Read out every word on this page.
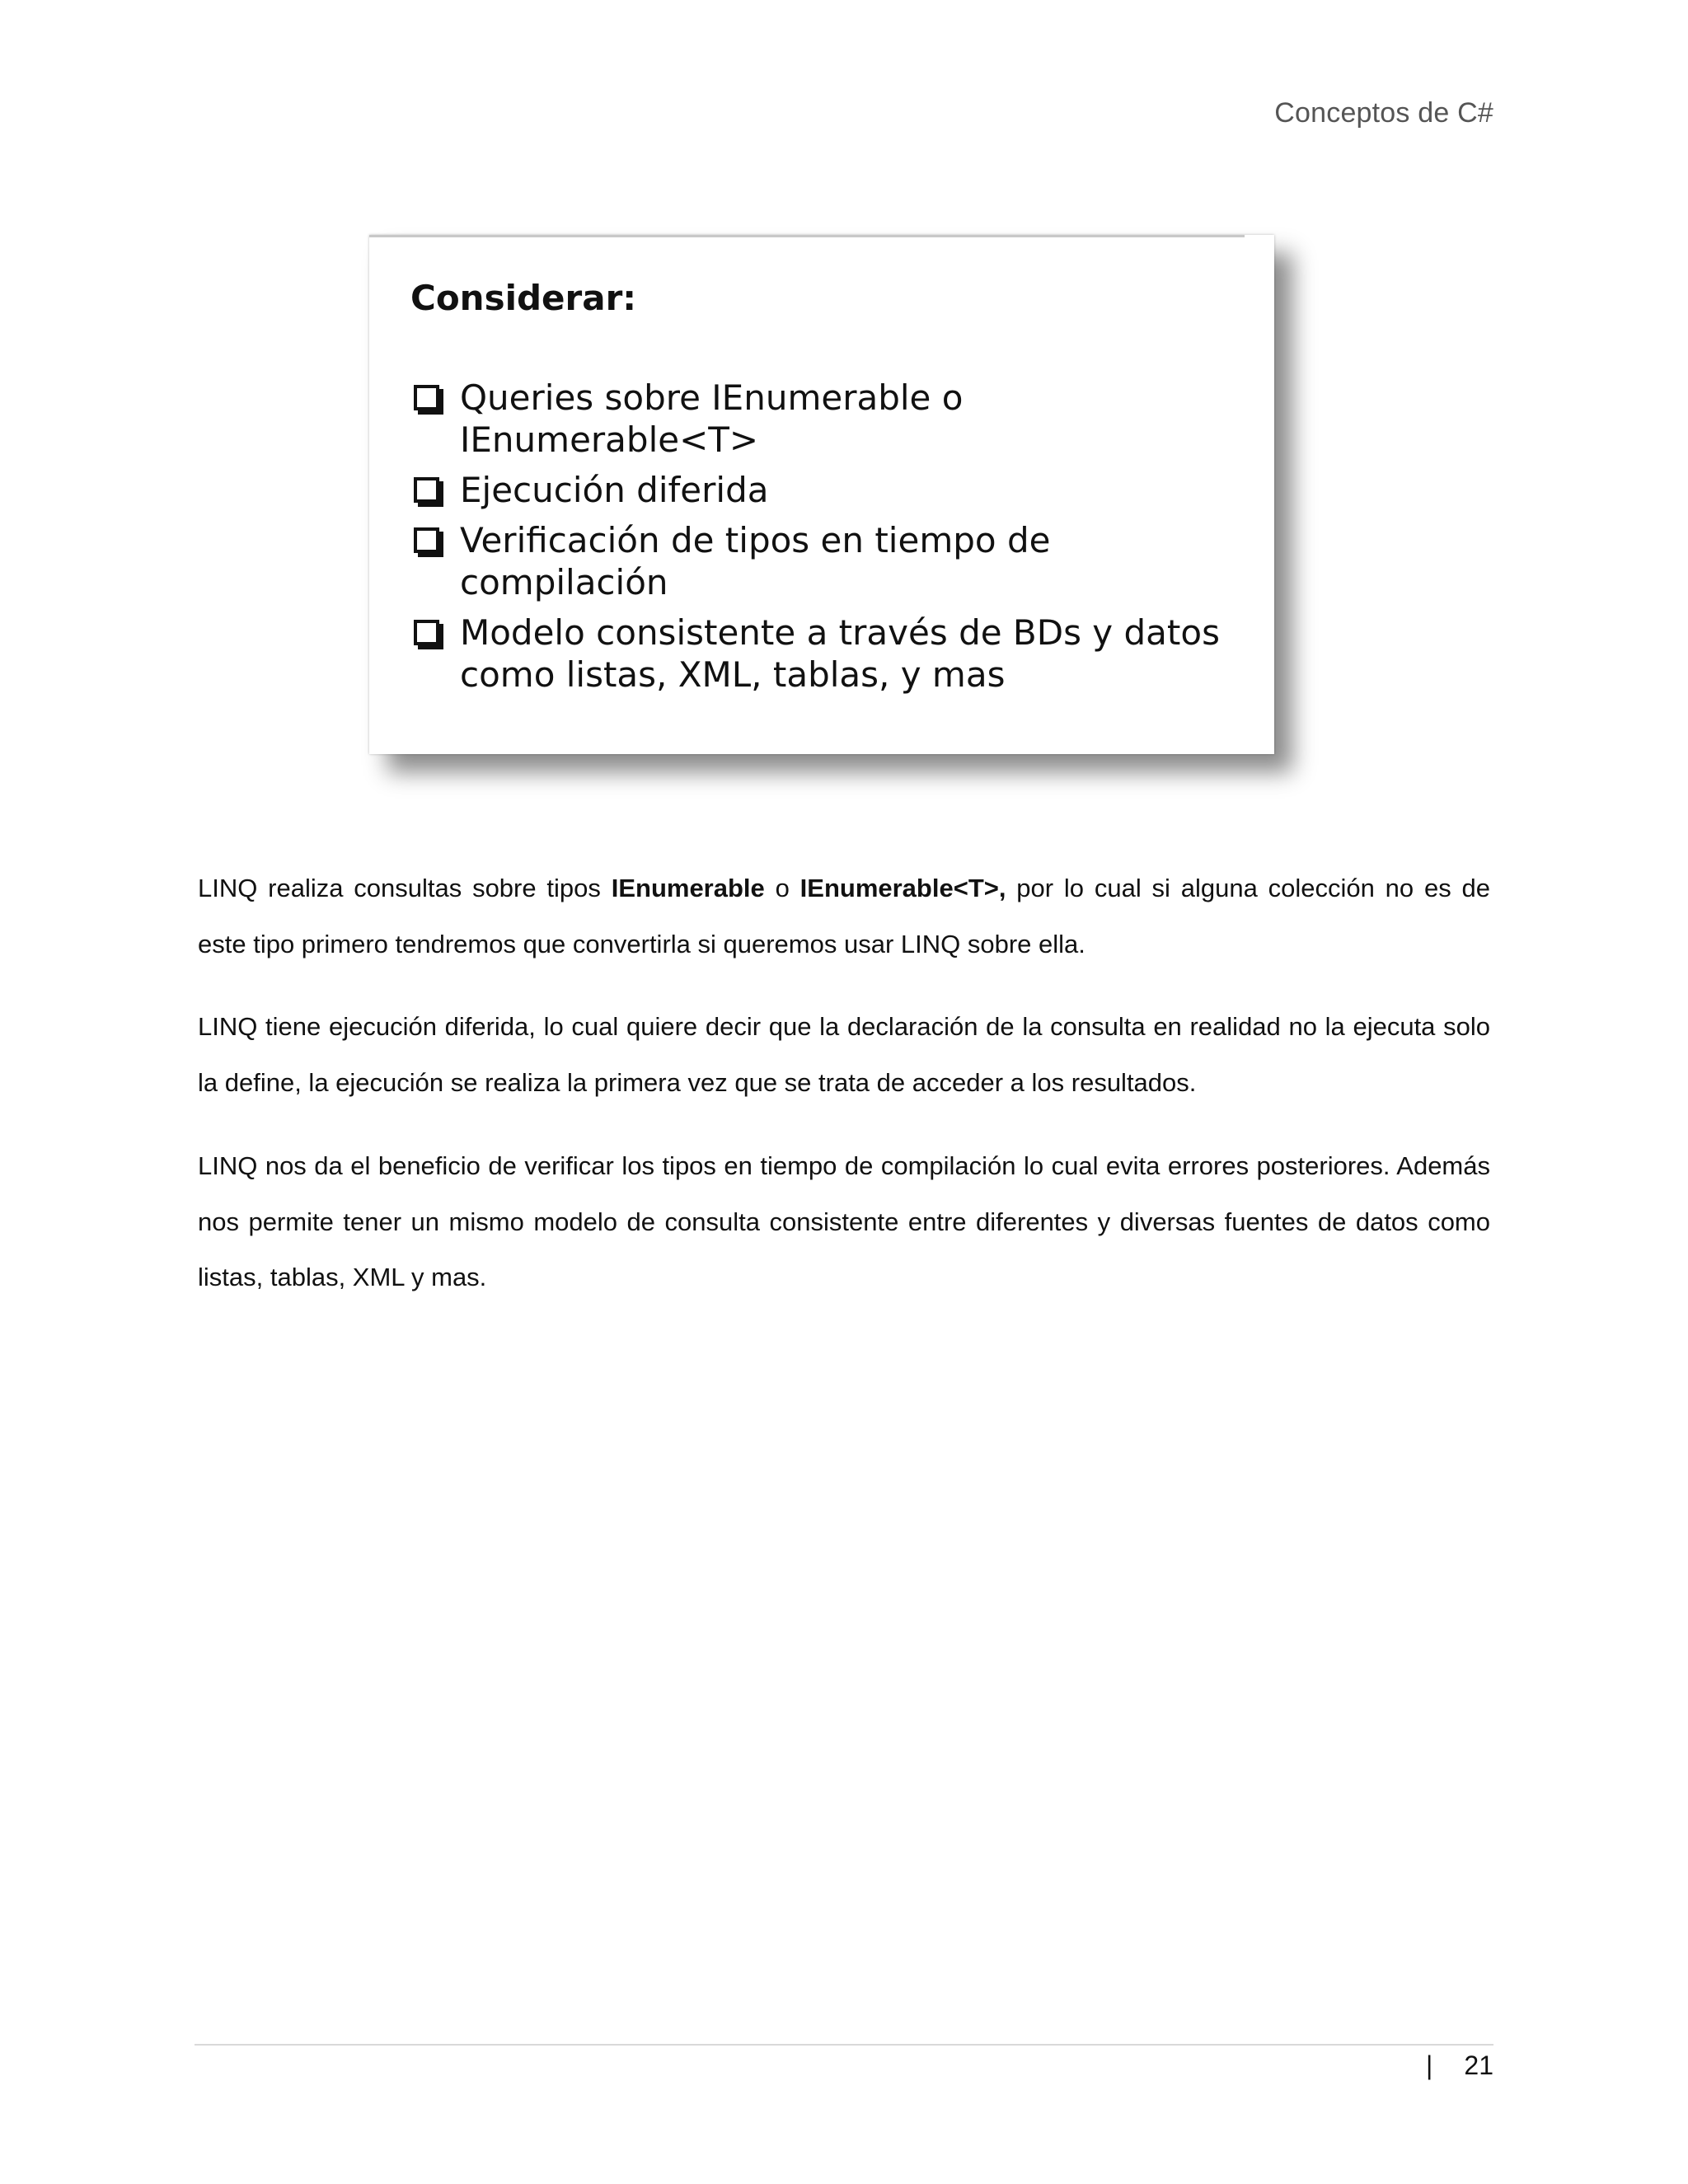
Conceptos de C#
Considerar:
Queries sobre IEnumerable o IEnumerable<T>
Ejecución diferida
Verificación de tipos en tiempo de compilación
Modelo consistente a través de BDs y datos como listas, XML, tablas, y mas

LINQ realiza consultas sobre tipos IEnumerable o IEnumerable<T>, por lo cual si alguna colección no es de este tipo primero tendremos que convertirla si queremos usar LINQ sobre ella.

LINQ tiene ejecución diferida, lo cual quiere decir que la declaración de la consulta en realidad no la ejecuta solo la define, la ejecución se realiza la primera vez que se trata de acceder a los resultados.

LINQ nos da el beneficio de verificar los tipos en tiempo de compilación lo cual evita errores posteriores. Además nos permite tener un mismo modelo de consulta consistente entre diferentes y diversas fuentes de datos como listas, tablas, XML y mas.

| 21
